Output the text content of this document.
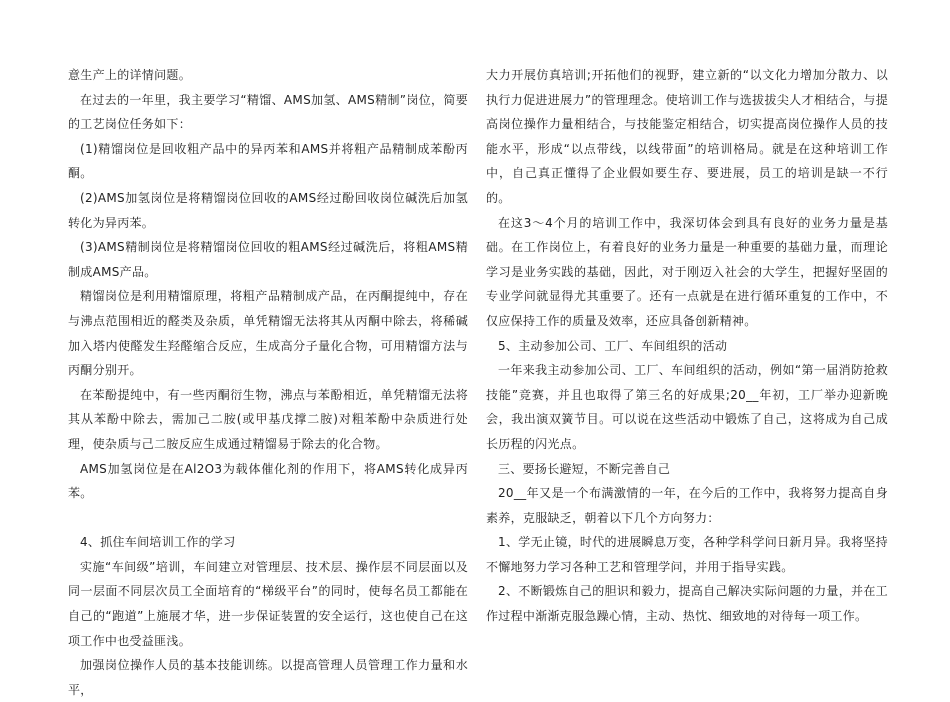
意生产上的详情问题。

在过去的一年里，我主要学习“精馏、AMS加氢、AMS精制”岗位，简要的工艺岗位任务如下：

(1)精馏岗位是回收粗产品中的异丙苯和AMS并将粗产品精制成苯酚丙酮。

(2)AMS加氢岗位是将精馏岗位回收的AMS经过酚回收岗位碱洗后加氢转化为异丙苯。

(3)AMS精制岗位是将精馏岗位回收的粗AMS经过碱洗后，将粗AMS精制成AMS产品。

精馏岗位是利用精馏原理，将粗产品精制成产品，在丙酮提纯中，存在与沸点范围相近的醛类及杂质，单凭精馏无法将其从丙酮中除去，将稀碱加入塔内使醛发生羟醛缩合反应，生成高分子量化合物，可用精馏方法与丙酮分别开。

在苯酚提纯中，有一些丙酮衍生物，沸点与苯酚相近，单凭精馏无法将其从苯酚中除去，需加己二胺(或甲基戊撑二胺)对粗苯酚中杂质进行处理，使杂质与己二胺反应生成通过精馏易于除去的化合物。

AMS加氢岗位是在Al2O3为载体催化剂的作用下，将AMS转化成异丙苯。

4、抓住车间培训工作的学习

实施“车间级”培训，车间建立对管理层、技术层、操作层不同层面以及同一层面不同层次员工全面培育的“梯级平台”的同时，使每名员工都能在自己的“跑道”上施展才华，进一步保证装置的安全运行，这也使自己在这项工作中也受益匪浅。

加强岗位操作人员的基本技能训练。以提高管理人员管理工作力量和水平，

大力开展仿真培训;开拓他们的视野，建立新的“以文化力增加分散力、以执行力促进进展力”的管理理念。使培训工作与选拔拔尖人才相结合，与提高岗位操作力量相结合，与技能鉴定相结合，切实提高岗位操作人员的技能水平，形成“以点带线，以线带面”的培训格局。就是在这种培训工作中，自己真正懂得了企业假如要生存、要进展，员工的培训是缺一不行的。

在这3～4个月的培训工作中，我深切体会到具有良好的业务力量是基础。在工作岗位上，有着良好的业务力量是一种重要的基础力量，而理论学习是业务实践的基础，因此，对于刚迈入社会的大学生，把握好坚固的专业学问就显得尤其重要了。还有一点就是在进行循环重复的工作中，不仅应保持工作的质量及效率，还应具备创新精神。

5、主动参加公司、工厂、车间组织的活动

一年来我主动参加公司、工厂、车间组织的活动，例如“第一届消防抢救技能”竞赛，并且也取得了第三名的好成果;20__年初，工厂举办迎新晚会，我出演双簧节目。可以说在这些活动中锻炼了自己，这将成为自己成长历程的闪光点。

三、要扬长避短，不断完善自己

20__年又是一个布满激情的一年，在今后的工作中，我将努力提高自身素养，克服缺乏，朝着以下几个方向努力：

1、学无止镜，时代的进展瞬息万变，各种学科学问日新月异。我将坚持不懈地努力学习各种工艺和管理学问，并用于指导实践。

2、不断锻炼自己的胆识和毅力，提高自己解决实际问题的力量，并在工作过程中渐渐克服急躁心情，主动、热忱、细致地的对待每一项工作。
